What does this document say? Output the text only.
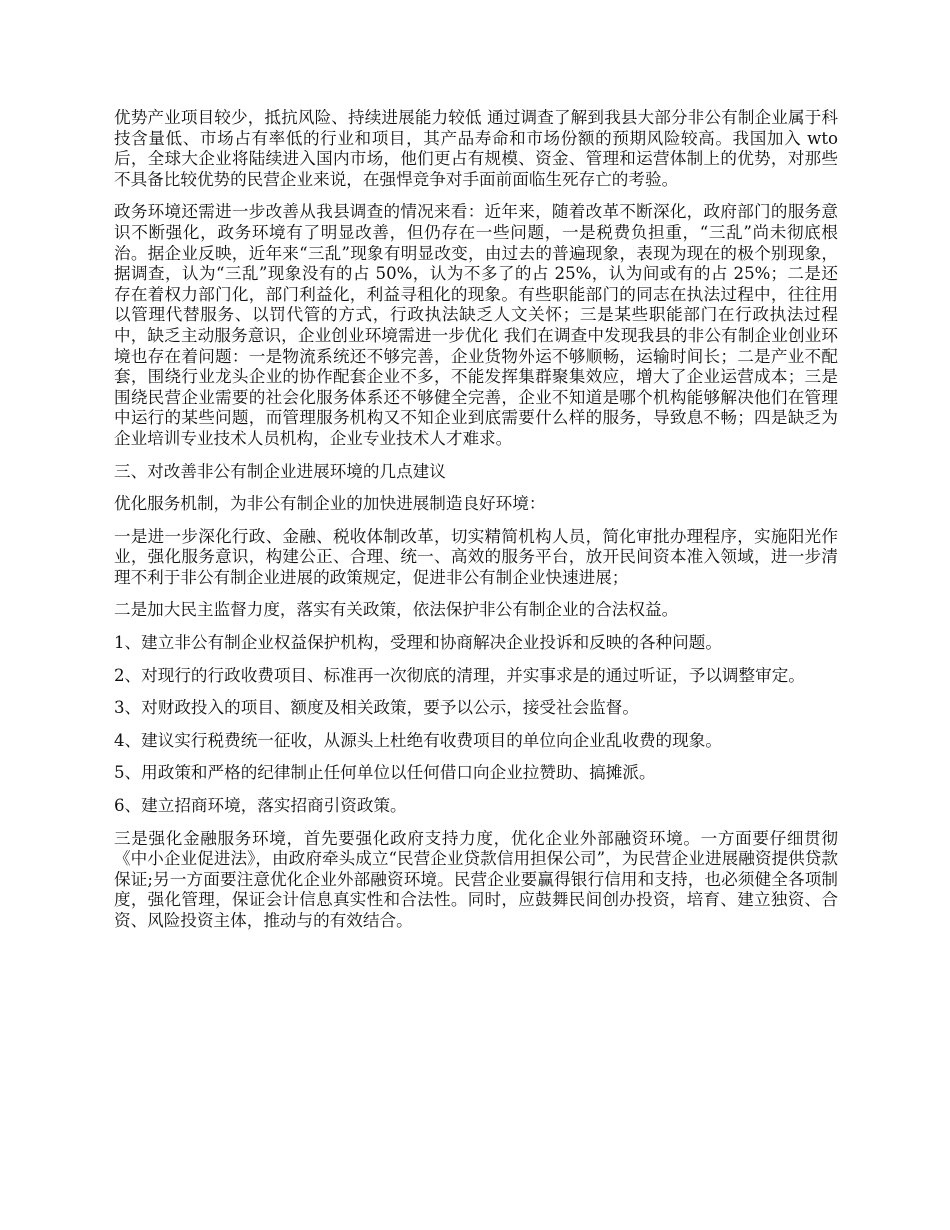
优势产业项目较少，抵抗风险、持续进展能力较低 通过调查了解到我县大部分非公有制企业属于科技含量低、市场占有率低的行业和项目，其产品寿命和市场份额的预期风险较高。我国加入 wto 后，全球大企业将陆续进入国内市场，他们更占有规模、资金、管理和运营体制上的优势，对那些不具备比较优势的民营企业来说，在强悍竞争对手面前面临生死存亡的考验。

政务环境还需进一步改善从我县调查的情况来看：近年来，随着改革不断深化，政府部门的服务意识不断强化，政务环境有了明显改善，但仍存在一些问题，一是税费负担重，“三乱”尚未彻底根治。据企业反映，近年来“三乱”现象有明显改变，由过去的普遍现象，表现为现在的极个别现象，据调查，认为“三乱”现象没有的占 50%，认为不多了的占 25%，认为间或有的占 25%；二是还存在着权力部门化，部门利益化，利益寻租化的现象。有些职能部门的同志在执法过程中，往往用以管理代替服务、以罚代管的方式，行政执法缺乏人文关怀；三是某些职能部门在行政执法过程中，缺乏主动服务意识，企业创业环境需进一步优化 我们在调查中发现我县的非公有制企业创业环境也存在着问题：一是物流系统还不够完善，企业货物外运不够顺畅，运输时间长；二是产业不配套，围绕行业龙头企业的协作配套企业不多，不能发挥集群聚集效应，增大了企业运营成本；三是围绕民营企业需要的社会化服务体系还不够健全完善，企业不知道是哪个机构能够解决他们在管理中运行的某些问题，而管理服务机构又不知企业到底需要什么样的服务，导致息不畅；四是缺乏为企业培训专业技术人员机构，企业专业技术人才难求。

三、对改善非公有制企业进展环境的几点建议

优化服务机制，为非公有制企业的加快进展制造良好环境：

一是进一步深化行政、金融、税收体制改革，切实精简机构人员，简化审批办理程序，实施阳光作业，强化服务意识，构建公正、合理、统一、高效的服务平台，放开民间资本准入领域，进一步清理不利于非公有制企业进展的政策规定，促进非公有制企业快速进展；

二是加大民主监督力度，落实有关政策，依法保护非公有制企业的合法权益。

1、建立非公有制企业权益保护机构，受理和协商解决企业投诉和反映的各种问题。

2、对现行的行政收费项目、标准再一次彻底的清理，并实事求是的通过听证，予以调整审定。

3、对财政投入的项目、额度及相关政策，要予以公示，接受社会监督。

4、建议实行税费统一征收，从源头上杜绝有收费项目的单位向企业乱收费的现象。

5、用政策和严格的纪律制止任何单位以任何借口向企业拉赞助、搞摊派。

6、建立招商环境，落实招商引资政策。

三是强化金融服务环境，首先要强化政府支持力度，优化企业外部融资环境。一方面要仔细贯彻《中小企业促进法》，由政府牵头成立“民营企业贷款信用担保公司”，为民营企业进展融资提供贷款保证;另一方面要注意优化企业外部融资环境。民营企业要赢得银行信用和支持，也必须健全各项制度，强化管理，保证会计信息真实性和合法性。同时，应鼓舞民间创办投资，培育、建立独资、合资、风险投资主体，推动与的有效结合。
